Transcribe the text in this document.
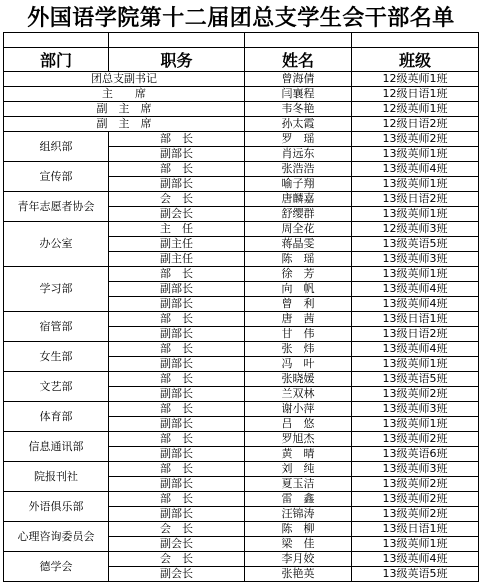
外国语学院第十二届团总支学生会干部名单

部门	职务	姓名	班级
团总支副书记		曾海倩	12级英师1班
主　　席		闫襄程	12级日语1班
副　主　席		韦冬艳	12级英师1班
副　主　席		孙太霞	12级日语2班
组织部	部　长	罗　瑶	13级英师2班
	副部长	肖远东	13级英师1班
宣传部	部　长	张浩浩	13级英师4班
	副部长	喻子翔	13级英师1班
青年志愿者协会	会　长	唐麟嘉	13级日语2班
	副会长	舒缨群	13级英师1班
办公室	主　任	周全花	12级英师3班
	副主任	蒋晶雯	13级英语5班
	副主任	陈　瑶	13级英师3班
学习部	部　长	徐　芳	13级英师1班
	副部长	向　帆	13级英师4班
	副部长	曾　利	13级英师4班
宿管部	部　长	唐　茜	13级日语1班
	副部长	甘　伟	13级日语2班
女生部	部　长	张　炜	13级英师4班
	副部长	冯　叶	13级英师1班
文艺部	部　长	张晓媛	13级英语5班
	副部长	兰双林	13级英师2班
体育部	部　长	谢小萍	13级英师3班
	副部长	吕　悠	13级英师1班
信息通讯部	部　长	罗旭杰	13级英师2班
	副部长	黄　晴	13级英语6班
院报刊社	部　长	刘　纯	13级英师3班
	副部长	夏玉洁	13级英师2班
外语俱乐部	部　长	雷　鑫	13级英师2班
	副部长	汪锦涛	13级英师2班
心理咨询委员会	会　长	陈　柳	13级日语1班
	副会长	梁　佳	13级英师1班
德学会	会　长	李月姣	13级英师4班
	副会长	张艳英	13级英语5班
